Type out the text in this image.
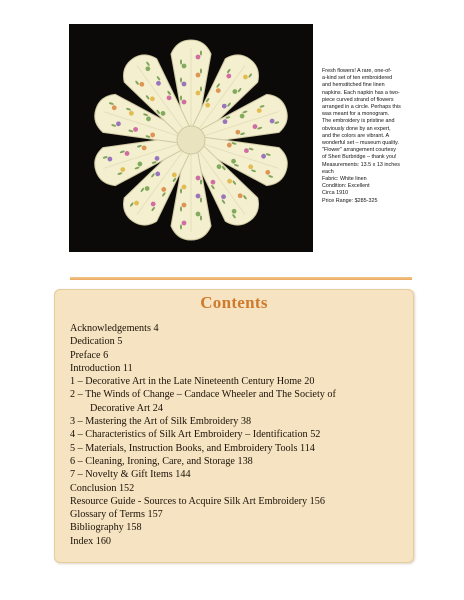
Fresh flowers! A rare, one-of-
a-kind set of ten embroidered
and hemstitched fine linen
napkins. Each napkin has a two-
piece curved strand of flowers
arranged in a circle. Perhaps this
was meant for a monogram.
The embroidery is pristine and
obviously done by an expert,
and the colors are vibrant. A
wonderful set – museum quality.
"Flower" arrangement courtesy
of Sheri Burbridge – thank you!
Measurements: 13.5 x 13 inches
each
Fabric: White linen
Condition: Excellent
Circa 1910
Price Range: $285-325
Contents
Acknowledgements 4
Dedication 5
Preface 6
Introduction 11
1 – Decorative Art in the Late Nineteenth Century Home 20
2 – The Winds of Change – Candace Wheeler and The Society of
Decorative Art 24
3 – Mastering the Art of Silk Embroidery 38
4 – Characteristics of Silk Art Embroidery – Identification 52
5 – Materials, Instruction Books, and Embroidery Tools 114
6 – Cleaning, Ironing, Care, and Storage 138
7 – Novelty & Gift Items 144
Conclusion 152
Resource Guide - Sources to Acquire Silk Art Embroidery 156
Glossary of Terms 157
Bibliography 158
Index 160
